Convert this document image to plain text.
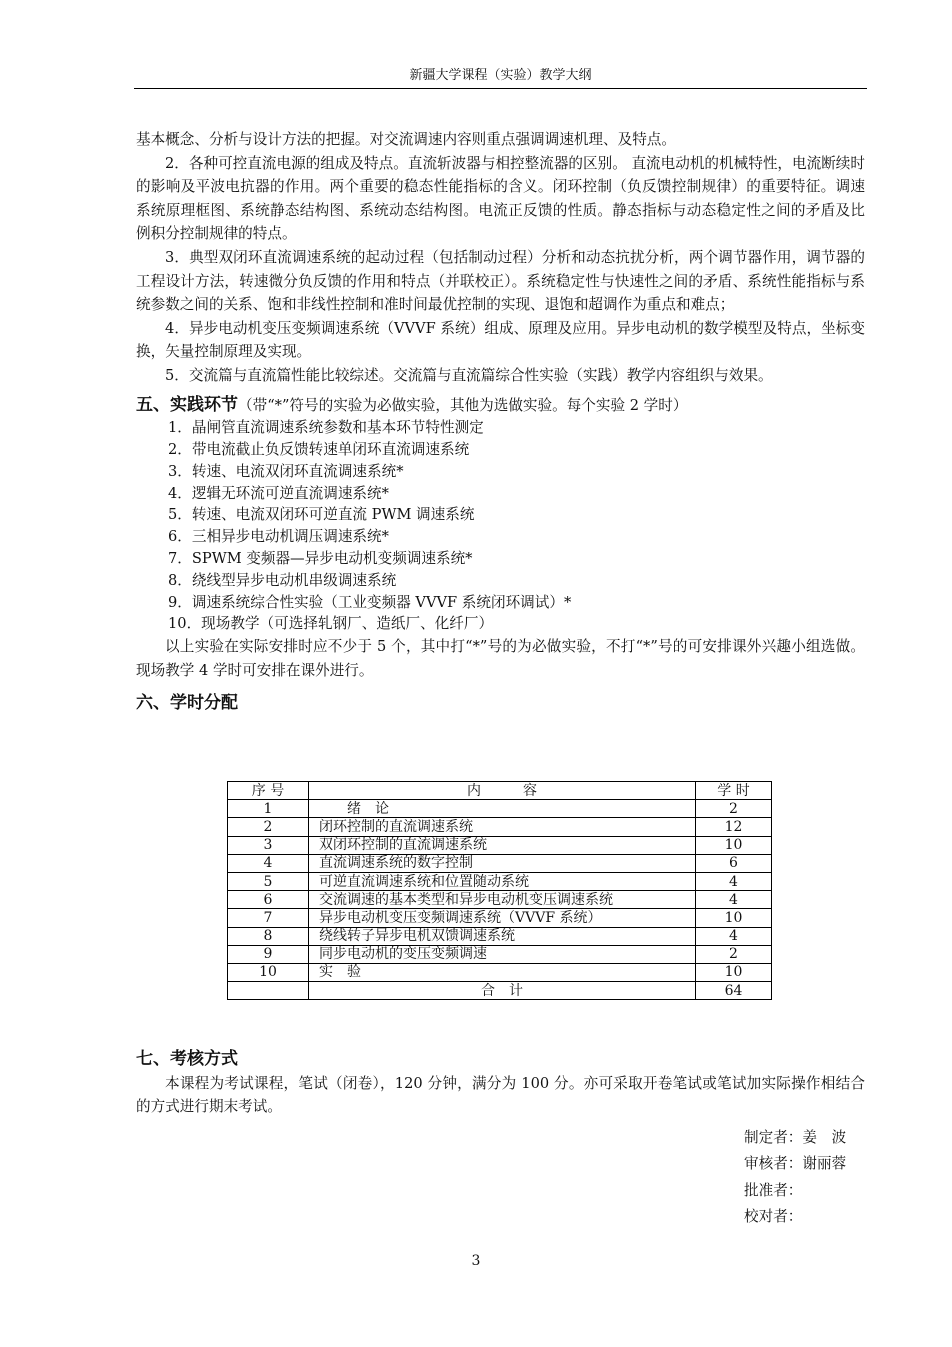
新疆大学课程（实验）教学大纲

基本概念、分析与设计方法的把握。对交流调速内容则重点强调调速机理、及特点。

2．各种可控直流电源的组成及特点。直流斩波器与相控整流器的区别。 直流电动机的机械特性，电流断续时的影响及平波电抗器的作用。两个重要的稳态性能指标的含义。闭环控制（负反馈控制规律）的重要特征。调速系统原理框图、系统静态结构图、系统动态结构图。电流正反馈的性质。静态指标与动态稳定性之间的矛盾及比例积分控制规律的特点。

3．典型双闭环直流调速系统的起动过程（包括制动过程）分析和动态抗扰分析，两个调节器作用，调节器的工程设计方法，转速微分负反馈的作用和特点（并联校正）。系统稳定性与快速性之间的矛盾、系统性能指标与系统参数之间的关系、饱和非线性控制和准时间最优控制的实现、退饱和超调作为重点和难点；

4．异步电动机变压变频调速系统（VVVF 系统）组成、原理及应用。异步电动机的数学模型及特点，坐标变换，矢量控制原理及实现。

5．交流篇与直流篇性能比较综述。交流篇与直流篇综合性实验（实践）教学内容组织与效果。

五、实践环节（带“*”符号的实验为必做实验，其他为选做实验。每个实验 2 学时）

1．晶闸管直流调速系统参数和基本环节特性测定
2．带电流截止负反馈转速单闭环直流调速系统
3．转速、电流双闭环直流调速系统*
4．逻辑无环流可逆直流调速系统*
5．转速、电流双闭环可逆直流 PWM 调速系统
6．三相异步电动机调压调速系统*
7．SPWM 变频器—异步电动机变频调速系统*
8．绕线型异步电动机串级调速系统
9．调速系统综合性实验（工业变频器 VVVF 系统闭环调试）*
10．现场教学（可选择轧钢厂、造纸厂、化纤厂）

以上实验在实际安排时应不少于 5 个，其中打“*”号的为必做实验，不打“*”号的可安排课外兴趣小组选做。现场教学 4 学时可安排在课外进行。

六、学时分配

序 号	内　　　容	学 时
1	　　绪　论	2
2	闭环控制的直流调速系统	12
3	双闭环控制的直流调速系统	10
4	直流调速系统的数字控制	6
5	可逆直流调速系统和位置随动系统	4
6	交流调速的基本类型和异步电动机变压调速系统	4
7	异步电动机变压变频调速系统（VVVF 系统）	10
8	绕线转子异步电机双馈调速系统	4
9	同步电动机的变压变频调速	2
10	实　验	10
	合　计	64

七、考核方式

本课程为考试课程，笔试（闭卷），120 分钟，满分为 100 分。亦可采取开卷笔试或笔试加实际操作相结合的方式进行期末考试。

制定者：姜　波
审核者：谢丽蓉
批准者：
校对者：
3
